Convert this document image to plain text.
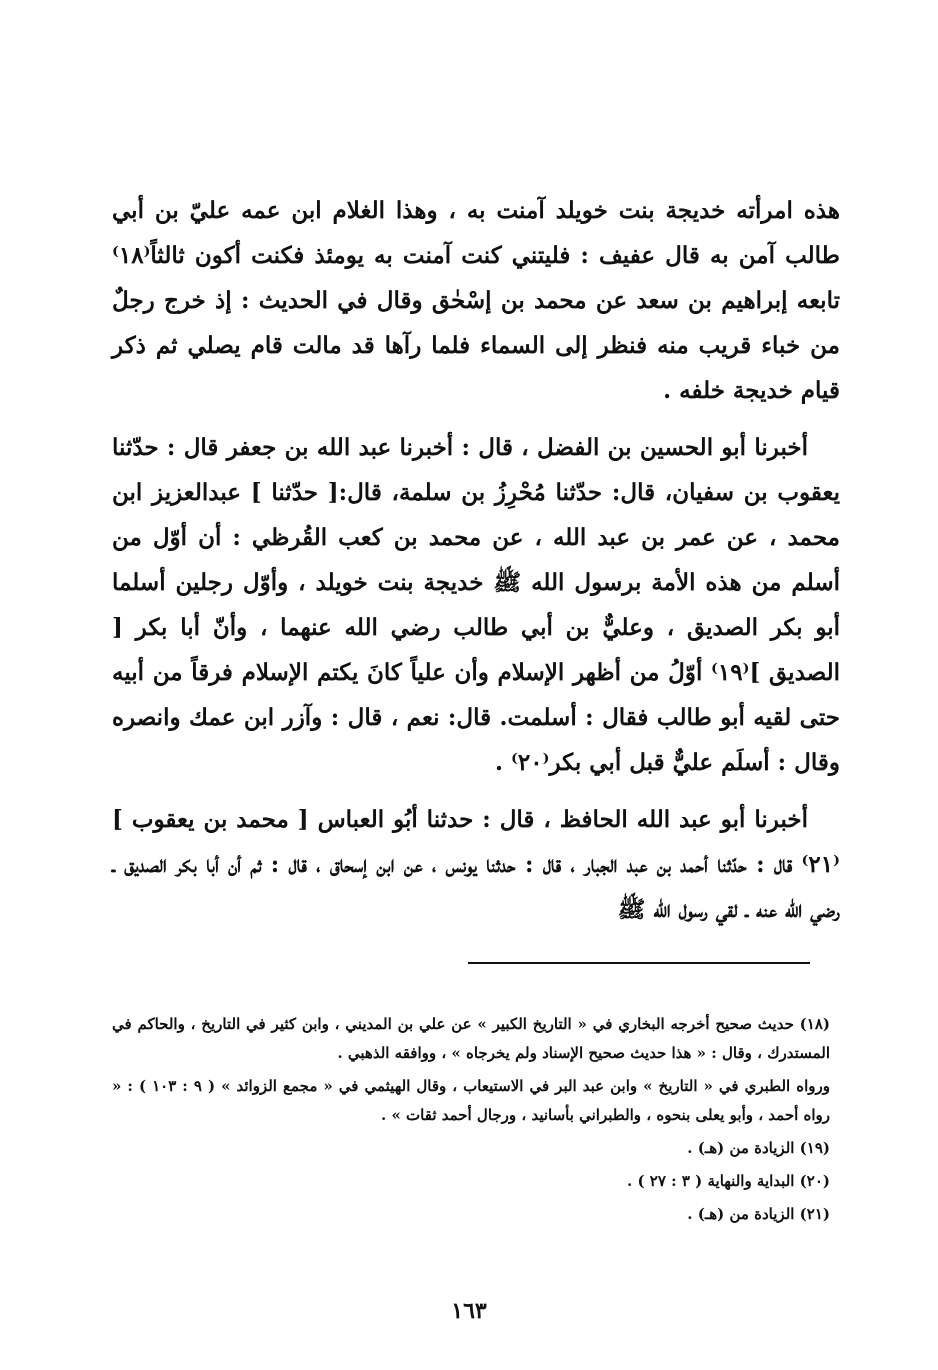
هذه امرأته خديجة بنت خويلد آمنت به ، وهذا الغلام ابن عمه عليّ بن أبي طالب آمن به قال عفيف : فليتني كنت آمنت به يومئذ فكنت أكون ثالثاً⁽١٨⁾ تابعه إبراهيم بن سعد عن محمد بن إسْحٰق وقال في الحديث : إذ خرج رجلٌ من خباء قريب منه فنظر إلى السماء فلما رآها قد مالت قام يصلي ثم ذكر قيام خديجة خلفه .

أخبرنا أبو الحسين بن الفضل ، قال : أخبرنا عبد الله بن جعفر قال : حدّثنا يعقوب بن سفيان، قال: حدّثنا مُحْرِزُ بن سلمة، قال:[ حدّثنا ] عبدالعزيز ابن محمد ، عن عمر بن عبد الله ، عن محمد بن كعب القُرظي : أن أوّل من أسلم من هذه الأمة برسول الله ﷺ خديجة بنت خويلد ، وأوّل رجلين أسلما أبو بكر الصديق ، وعليٌّ بن أبي طالب رضي الله عنهما ، وأنّ أبا بكر [ الصديق ]⁽١٩⁾ أوّلُ من أظهر الإسلام وأن علياً كانَ يكتم الإسلام فرقاً من أبيه حتى لقيه أبو طالب فقال : أسلمت. قال: نعم ، قال : وآزر ابن عمك وانصره وقال : أسلَم عليٌّ قبل أبي بكر⁽٢٠⁾ .

أخبرنا أبو عبد الله الحافظ ، قال : حدثنا أبُو العباس [ محمد بن يعقوب ]⁽٢١⁾ قال : حدّثنا أحمد بن عبد الجبار ، قال : حدثنا يونس ، عن ابن إسحاق ، قال : ثم أن أبا بكر الصديق ـ رضي الله عنه ـ لقي رسول الله ﷺ

(١٨) حديث صحيح أخرجه البخاري في « التاريخ الكبير » عن علي بن المديني ، وابن كثير في التاريخ ، والحاكم في المستدرك ، وقال : « هذا حديث صحيح الإسناد ولم يخرجاه » ، ووافقه الذهبي .

ورواه الطبري في « التاريخ » وابن عبد البر في الاستيعاب ، وقال الهيثمي في « مجمع الزوائد » ( ٩ : ١٠٣ ) : « رواه أحمد ، وأبو يعلى بنحوه ، والطبراني بأسانيد ، ورجال أحمد ثقات » .

(١٩) الزيادة من (هـ) .

(٢٠) البداية والنهاية ( ٣ : ٢٧ ) .

(٢١) الزيادة من (هـ) .

١٦٣
